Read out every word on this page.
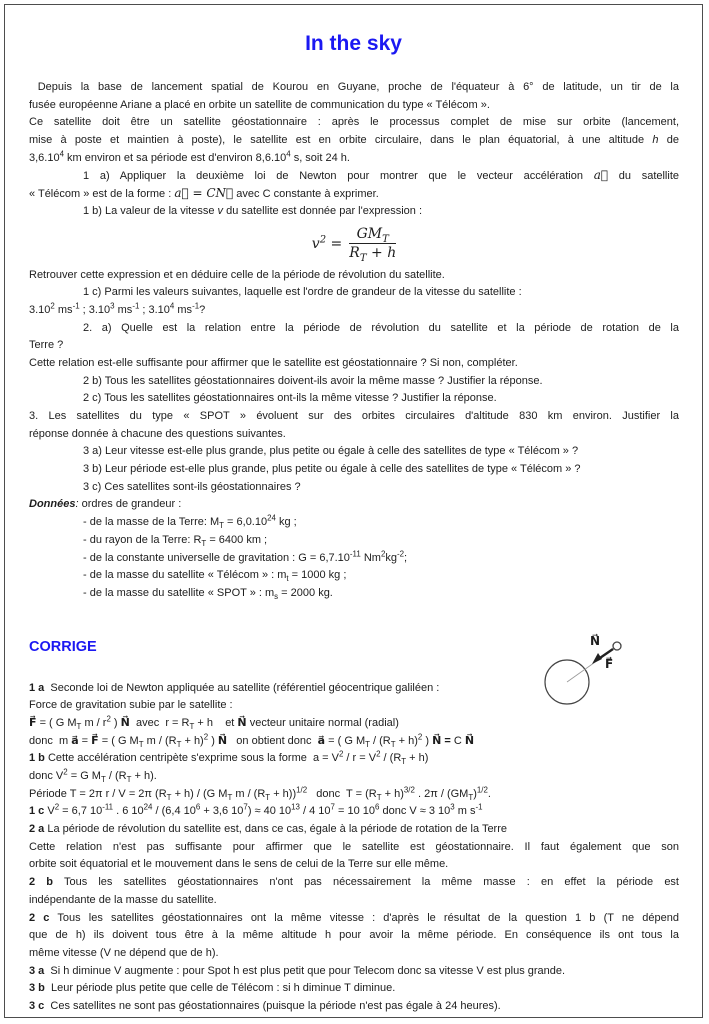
In the sky
Depuis la base de lancement spatial de Kourou en Guyane, proche de l'équateur à 6° de latitude, un tir de la
fusée européenne Ariane a placé en orbite un satellite de communication du type « Télécom ».
Ce satellite doit être un satellite géostationnaire : après le processus complet de mise sur orbite (lancement,
mise à poste et maintien à poste), le satellite est en orbite circulaire, dans le plan équatorial, à une altitude h de
3,6.10$^4$ km environ et sa période est d'environ 8,6.10$^4$ s, soit 24 h.
1 a) Appliquer la deuxième loi de Newton pour montrer que le vecteur accélération a⃗ du satellite
« Télécom » est de la forme : a⃗ = CN⃗ avec C constante à exprimer.
1 b) La valeur de la vitesse v du satellite est donnée par l'expression :
$v^2 = \frac{GM_T}{R_T + h}$
Retrouver cette expression et en déduire celle de la période de révolution du satellite.
1 c) Parmi les valeurs suivantes, laquelle est l'ordre de grandeur de la vitesse du satellite :
3.10$^2$ $ms^{-1}$ ; 3.10$^3$ $ms^{-1}$ ; 3.10$^4$ $ms^{-1}$?
2. a) Quelle est la relation entre la période de révolution du satellite et la période de rotation de la
Terre ?
Cette relation est-elle suffisante pour affirmer que le satellite est géostationnaire ? Si non, compléter.
2 b) Tous les satellites géostationnaires doivent-ils avoir la même masse ? Justifier la réponse.
2 c) Tous les satellites géostationnaires ont-ils la même vitesse ? Justifier la réponse.
3. Les satellites du type « SPOT » évoluent sur des orbites circulaires d'altitude 830 km environ. Justifier la
réponse donnée à chacune des questions suivantes.
3 a) Leur vitesse est-elle plus grande, plus petite ou égale à celle des satellites de type « Télécom » ?
3 b) Leur période est-elle plus grande, plus petite ou égale à celle des satellites de type « Télécom » ?
3 c) Ces satellites sont-ils géostationnaires ?
Données: ordres de grandeur :
- de la masse de la Terre: $M_T = 6,0.10^{24}$ kg ;
- du rayon de la Terre: $R_T = 6400$ km ;
- de la constante universelle de gravitation : $G = 6,7.10^{-11}$ $Nm^2kg^{-2}$;
- de la masse du satellite « Télécom » : $m_t = 1000$ kg ;
- de la masse du satellite « SPOT » : $m_s = 2000$ kg.
CORRIGE
1 a  Seconde loi de Newton appliquée au satellite (référentiel géocentrique galiléen :
Force de gravitation subie par le satellite :
F⃗ = ( G $M_T$ m / $r^2$ ) N⃗  avec  $r = R_T + h$    et N⃗ vecteur unitaire normal (radial)
donc  m a⃗ = F⃗ = ( G $M_T$ $m / (R_T + h)^2$ ) N⃗   on obtient donc  a⃗ = ( G $M_T / (R_T + h)^2$ ) N⃗ = C N⃗
1 b Cette accélération centripète s'exprime sous la forme  $a = V^2 / r = V^2 / (R_T + h)$
donc $V^2 = G$ $M_T / (R_T + h)$.
Période T = 2π r / V = 2π $(R_T + h) / (G$ $M_T$ $m / (R_T + h))^{1/2}$   donc  $T = (R_T + h)^{3/2}$ . $2\pi / (GM_T)^{1/2}$.
1 c $V^2 = 6,7$ $10^{-11}$ . 6 $10^{24} / (6,4$ $10^6 + 3,6$ $10^7) \approx 40$ $10^{13} / 4$ $10^7 = 10$ $10^6$ donc V ≈ 3 $10^3$ m $s^{-1}$
2 a La période de révolution du satellite est, dans ce cas, égale à la période de rotation de la Terre
Cette relation n'est pas suffisante pour affirmer que le satellite est géostationnaire. Il faut également que son
orbite soit équatorial et le mouvement dans le sens de celui de la Terre sur elle même.
2 b Tous les satellites géostationnaires n'ont pas nécessairement la même masse : en effet la période est
indépendante de la masse du satellite.
2 c Tous les satellites géostationnaires ont la même vitesse : d'après le résultat de la question 1 b (T ne dépend
que de h) ils doivent tous être à la même altitude h pour avoir la même période. En conséquence ils ont tous la
même vitesse (V ne dépend que de h).
3 a  Si h diminue V augmente : pour Spot h est plus petit que pour Telecom donc sa vitesse V est plus grande.
3 b  Leur période plus petite que celle de Télécom : si h diminue T diminue.
3 c  Ces satellites ne sont pas géostationnaires (puisque la période n'est pas égale à 24 heures).
N⃗
F⃗
